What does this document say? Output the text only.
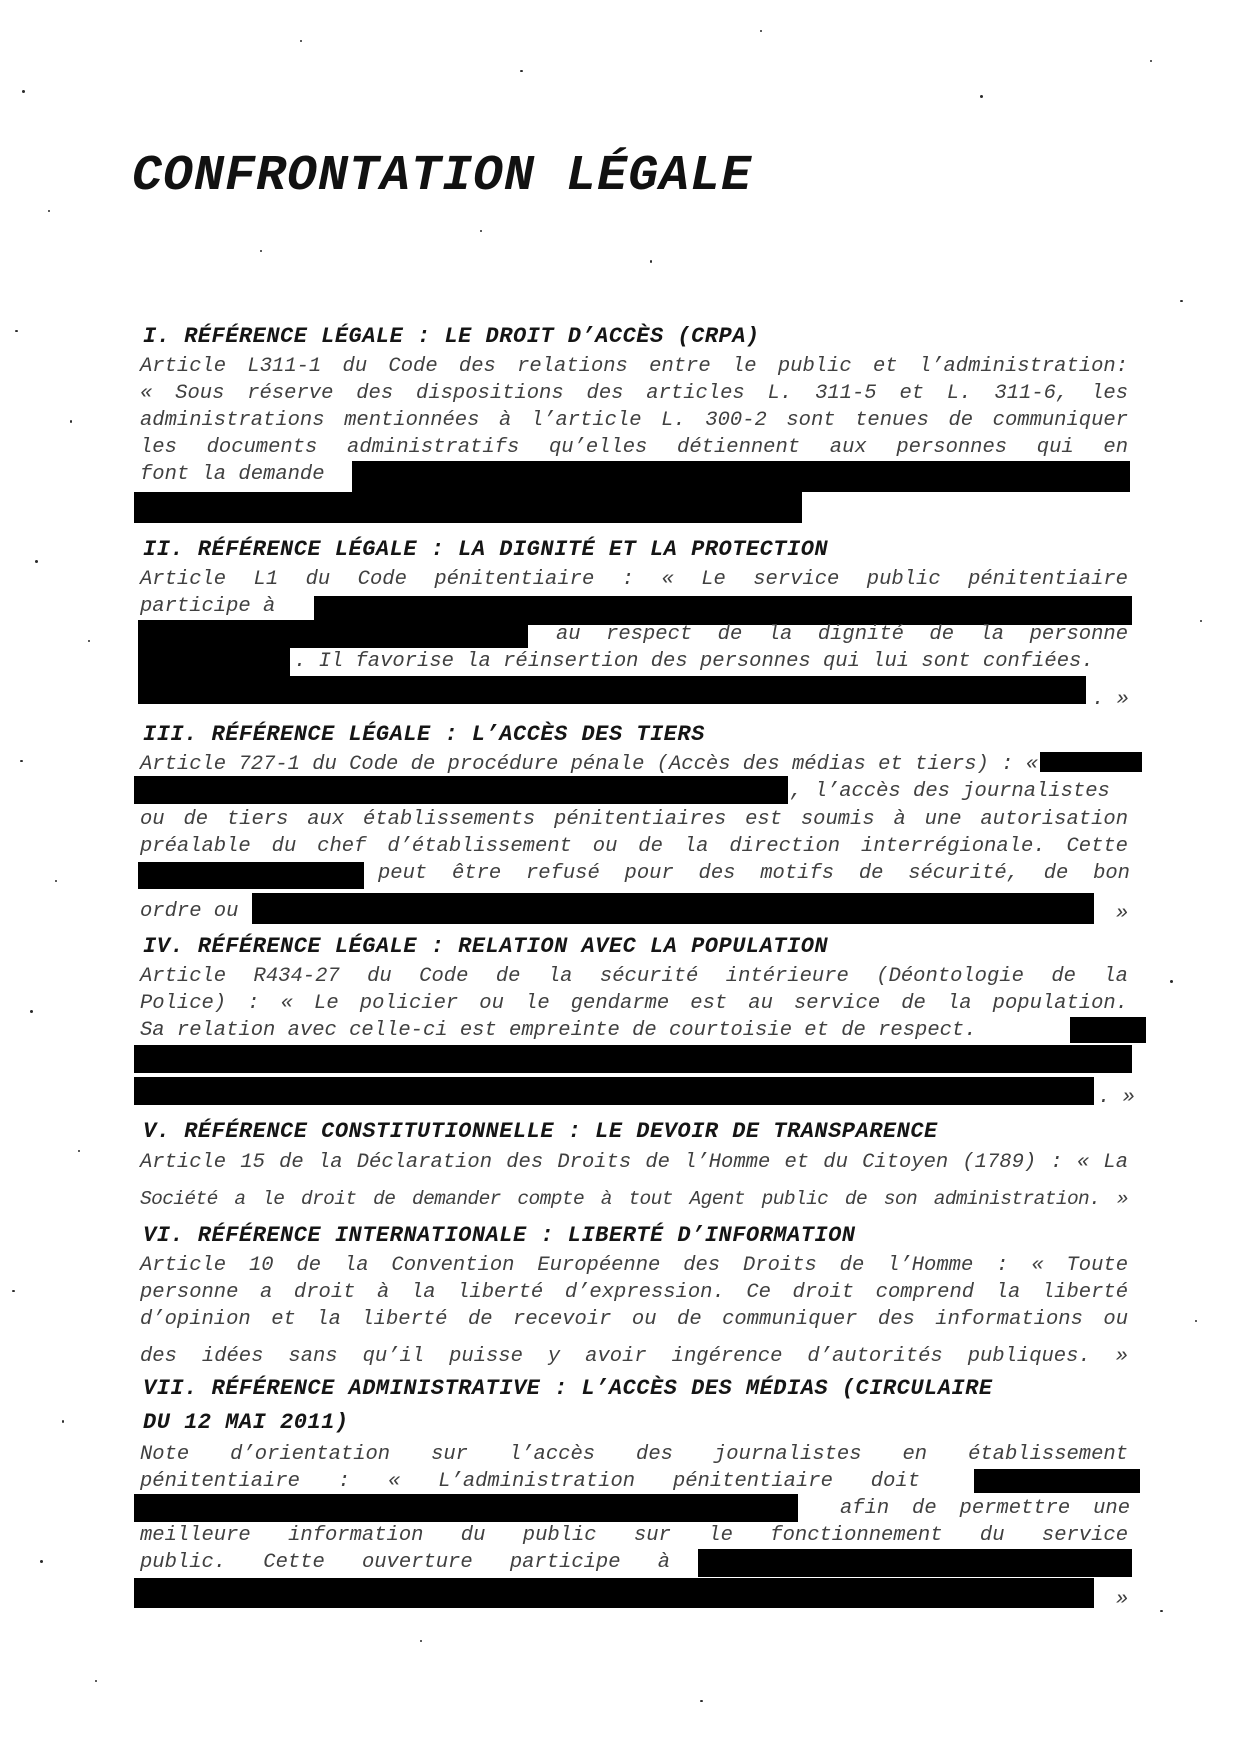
CONFRONTATION LÉGALE
I. RÉFÉRENCE LÉGALE : LE DROIT D’ACCÈS (CRPA)
Article L311-1 du Code des relations entre le public et l’administration:
« Sous réserve des dispositions des articles L. 311-5 et L. 311-6, les
administrations mentionnées à l’article L. 300-2 sont tenues de communiquer
les documents administratifs qu’elles détiennent aux personnes qui en
font la demande
II. RÉFÉRENCE LÉGALE : LA DIGNITÉ ET LA PROTECTION
Article L1 du Code pénitentiaire : « Le service public pénitentiaire
participe à
au respect de la dignité de la personne
. Il favorise la réinsertion des personnes qui lui sont confiées.
. »
III. RÉFÉRENCE LÉGALE : L’ACCÈS DES TIERS
Article 727-1 du Code de procédure pénale (Accès des médias et tiers) : «
, l’accès des journalistes
ou de tiers aux établissements pénitentiaires est soumis à une autorisation
préalable du chef d’établissement ou de la direction interrégionale. Cette
peut être refusé pour des motifs de sécurité, de bon
ordre ou	»
IV. RÉFÉRENCE LÉGALE : RELATION AVEC LA POPULATION
Article R434-27 du Code de la sécurité intérieure (Déontologie de la
Police) : « Le policier ou le gendarme est au service de la population.
Sa relation avec celle-ci est empreinte de courtoisie et de respect.
. »
V. RÉFÉRENCE CONSTITUTIONNELLE : LE DEVOIR DE TRANSPARENCE
Article 15 de la Déclaration des Droits de l’Homme et du Citoyen (1789) : « La
Société a le droit de demander compte à tout Agent public de son administration. »
VI. RÉFÉRENCE INTERNATIONALE : LIBERTÉ D’INFORMATION
Article 10 de la Convention Européenne des Droits de l’Homme : « Toute
personne a droit à la liberté d’expression. Ce droit comprend la liberté
d’opinion et la liberté de recevoir ou de communiquer des informations ou
des idées sans qu’il puisse y avoir ingérence d’autorités publiques. »
VII. RÉFÉRENCE ADMINISTRATIVE : L’ACCÈS DES MÉDIAS (CIRCULAIRE
DU 12 MAI 2011)
Note d’orientation sur l’accès des journalistes en établissement
pénitentiaire : « L’administration pénitentiaire doit
afin de permettre une
meilleure information du public sur le fonctionnement du service
public. Cette ouverture participe à
»
